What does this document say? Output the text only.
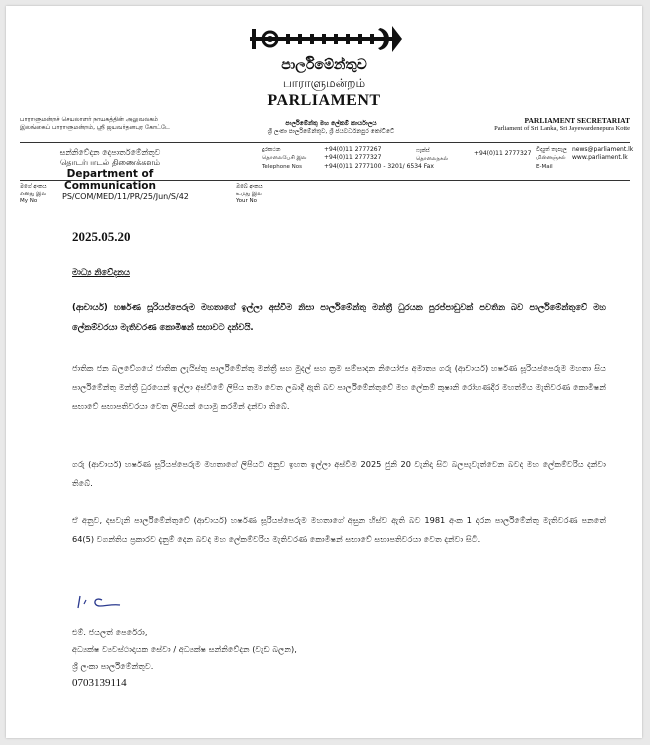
පාර්ලිමේන්තුව
பாராளுமன்றம்
PARLIAMENT
பாராளுமன்றச் செயலாளர் நாயகத்தின் அலுவலகம்
இலங்கைப் பாராளுமன்றம், ஸ்ரீ ஜயவர்தனபுர கோட்டே
පාර්ලිමේන්තු මහ ලේකම් කාර්යාලය
ශ්‍රී ලංකා පාර්ලිමේන්තුව, ශ්‍රී ජයවර්ධනපුර කෝට්ටේ
PARLIAMENT SECRETARIAT
Parliament of Sri Lanka, Sri Jayewardenepura Kotte
සන්නිවේදන දෙපාර්තමේන්තුව
தொடர்பாடல் திணைக்களம்
Department of Communication
දුරකථන
தொலைபேசி இல
Telephone Nos
+94(0)11 2777267
+94(0)11 2777327
+94(0)11 2777100 - 3201/ 6534 Fax
ෆැක්ස්
தொலைநகல்
+94(0)11 2777327 විද්‍යුත් තැපෑල
மின்னஞ்சல்
E-Mail
news@parliament.lk
www.parliament.lk
මගේ අංකය
எனது இல
My No	PS/COM/MED/11/PR/25/Jun/S/42
ඔබේ අංකය
உமது இல
Your No
2025.05.20
මාධ්‍ය නිවේදනය
(ආචාර්ය) හර්ෂණ සූරියප්පෙරුම මහතාගේ ඉල්ලා අස්වීම නිසා පාර්ලිමේන්තු මන්ත්‍රී ධුරයක පුරප්පාඩුවක් පවතින බව පාර්ලිමේන්තුවේ මහ ලේකම්වරයා මැතිවරණ කොමිෂන් සභාවට දන්වයි.
ජාතික ජන බලවේගයේ ජාතික ලැයිස්තු පාර්ලිමේන්තු මන්ත්‍රී සහ මුදල් සහ ක්‍රම සම්පාදන නියෝජ්‍ය අමාත්‍ය ගරු (ආචාර්ය) හර්ෂණ සූරියප්පෙරුම මහතා සිය පාර්ලිමේන්තු මන්ත්‍රී ධුරයෙන් ඉල්ලා අස්වීමේ ලිපිය තමා වෙත ලබාදී ඇති බව පාර්ලිමේන්තුවේ මහ ලේකම් කුෂානි රෝහණදීර මහත්මිය මැතිවරණ කොමිෂන් සභාවේ සභාපතිවරයා වෙත ලිපියක් යොමු කරමින් දන්වා තිබේ.
ගරු (ආචාර්ය) හර්ෂණ සූරියප්පෙරුම මහතාගේ ලිපියට අනුව ඉහත ඉල්ලා අස්වීම 2025 ජුනි 20 වැනිදා සිට බලපැවැත්වෙන බවද මහ ලේකම්වරිය දන්වා තිබේ.
ඒ අනුව, දසවැනි පාර්ලිමේන්තුවේ (ආචාර්ය) හර්ෂණ සූරියප්පෙරුම මහතාගේ අසුන හිස්ව ඇති බව 1981 අංක 1 දරන පාර්ලිමේන්තු මැතිවරණ පනතේ 64(5) වගන්තිය ප්‍රකාරව දැනුම් දෙන බවද මහ ලේකම්වරිය මැතිවරණ කොමිෂන් සභාවේ සභාපතිවරයා වෙත දන්වා සිටී.
එම්. ජයලත් පෙරේරා,
අධ්‍යක්ෂ ව්‍යවස්ථාදායක සේවා / අධ්‍යක්ෂ සන්නිවේදන (වැඩ බලන),
ශ්‍රී ලංකා පාර්ලිමේන්තුව.
0703139114
